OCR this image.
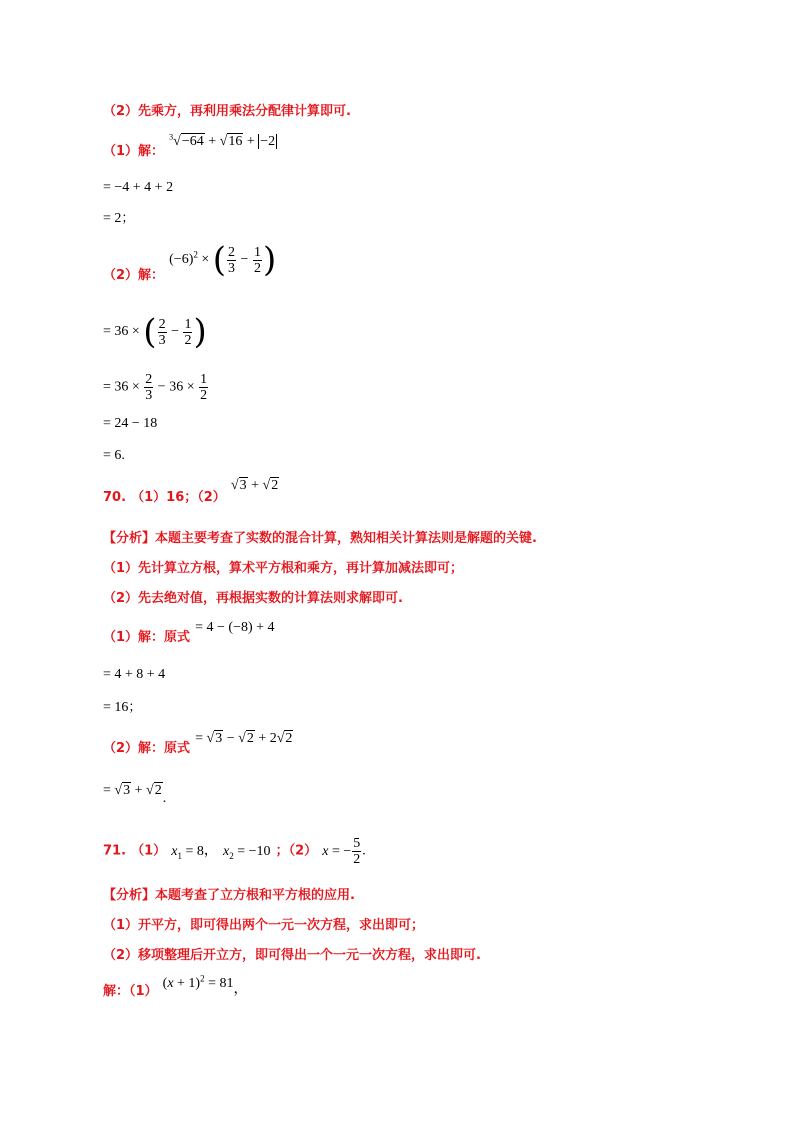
（2）先乘方，再利用乘法分配律计算即可.
$_{(1)解:}$ $^3$√−64 + √16 + −2
= −4 + 4 + 2
= 2；
$_{(2)解:}$ $(-6)^2$ × ( $\frac{2}{3} - \frac{1}{2}$ )
= 36 × ( $\frac{2}{3} - \frac{1}{2}$ )
= $36 \times \frac{2}{3} - 36 \times \frac{1}{2}$
= 24 − 18
= 6.
$_{70.}$ $_{(1)16;(2)}$ √3 + √2
【分析】本题主要考查了实数的混合计算，熟知相关计算法则是解题的关键.
（1）先计算立方根，算术平方根和乘方，再计算加减法即可；
（2）先去绝对值，再根据实数的计算法则求解即可.
$_{(1)解:原式}$ = 4 − (−8) + 4
= 4 + 8 + 4
= 16；
$_{(2)解:原式}$ = √3 − √2 + 2√2
= √3 + √2.
71. （1） $x_1 = 8$， $x_2 = -10$ ；（2） x = − $\frac{5}{2}$ .
【分析】本题考查了立方根和平方根的应用.
（1）开平方，即可得出两个一元一次方程，求出即可；
（2）移项整理后开立方，即可得出一个一元一次方程，求出即可.
$_{解:(1)}$ $(x + 1)^2 = 81$，
